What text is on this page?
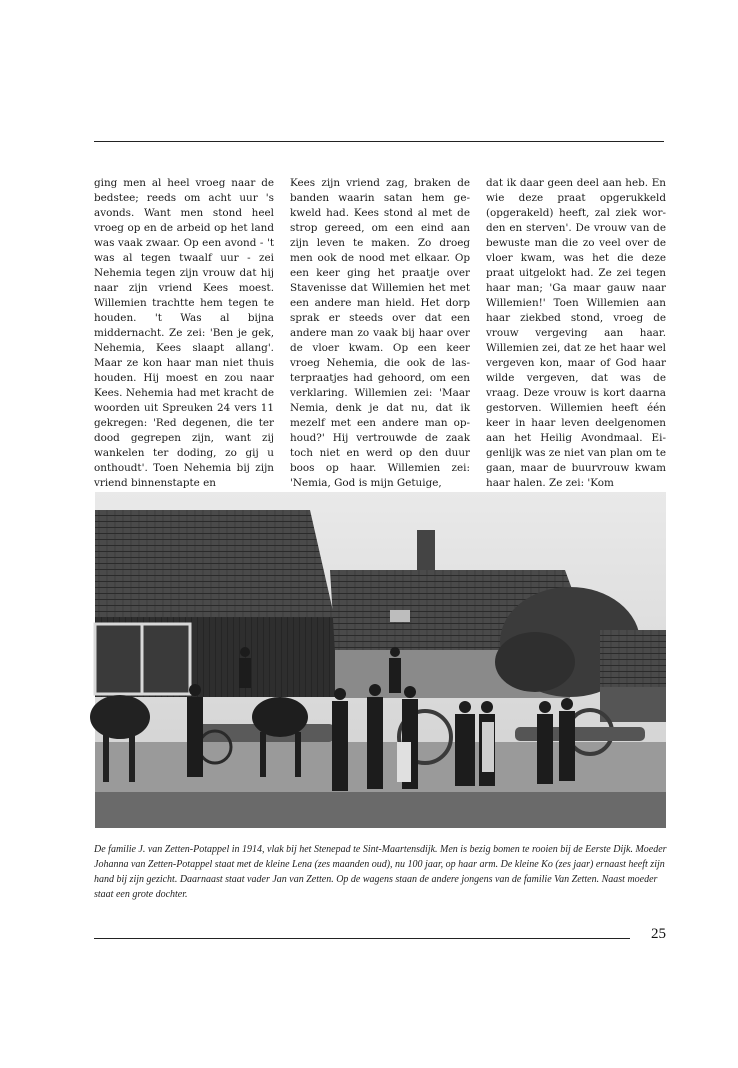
ging men al heel vroeg naar de bedstee; reeds om acht uur 's avonds. Want men stond heel vroeg op en de arbeid op het land was vaak zwaar. Op een avond - 't was al tegen twaalf uur - zei Nehemia tegen zijn vrouw dat hij naar zijn vriend Kees moest. Willemien trachtte hem tegen te houden. 't Was al bijna middernacht. Ze zei: 'Ben je gek, Nehemia, Kees slaapt allang'. Maar ze kon haar man niet thuis houden. Hij moest en zou naar Kees. Nehemia had met kracht de woorden uit Spreuken 24 vers 11 gekregen: 'Red degenen, die ter dood gegrepen zijn, want zij wankelen ter doding, zo gij u onthoudt'. Toen Nehemia bij zijn vriend binnenstapte en

Kees zijn vriend zag, braken de banden waarin satan hem gekweld had. Kees stond al met de strop gereed, om een eind aan zijn leven te maken. Zo droeg men ook de nood met elkaar. Op een keer ging het praatje over Stavenisse dat Willemien het met een andere man hield. Het dorp sprak er steeds over dat een andere man zo vaak bij haar over de vloer kwam. Op een keer vroeg Nehemia, die ook de lasterpraatjes had gehoord, om een verklaring. Willemien zei: 'Maar Nemia, denk je dat nu, dat ik mezelf met een andere man ophoud?' Hij vertrouwde de zaak toch niet en werd op den duur boos op haar. Willemien zei: 'Nemia, God is mijn Getuige,

dat ik daar geen deel aan heb. En wie deze praat opgerukkeld (opgerakeld) heeft, zal ziek worden en sterven'. De vrouw van de bewuste man die zo veel over de vloer kwam, was het die deze praat uitgelokt had. Ze zei tegen haar man; 'Ga maar gauw naar Willemien!' Toen Willemien aan haar ziekbed stond, vroeg de vrouw vergeving aan haar. Willemien zei, dat ze het haar wel vergeven kon, maar of God haar wilde vergeven, dat was de vraag. Deze vrouw is kort daarna gestorven. Willemien heeft één keer in haar leven deelgenomen aan het Heilig Avondmaal. Eigenlijk was ze niet van plan om te gaan, maar de buurvrouw kwam haar halen. Ze zei: 'Kom

De familie J. van Zetten-Potappel in 1914, vlak bij het Stenepad te Sint-Maartensdijk. Men is bezig bomen te rooien bij de Eerste Dijk. Moeder Johanna van Zetten-Potappel staat met de kleine Lena (zes maanden oud), nu 100 jaar, op haar arm. De kleine Ko (zes jaar) ernaast heeft zijn hand bij zijn gezicht. Daarnaast staat vader Jan van Zetten. Op de wagens staan de andere jongens van de familie Van Zetten. Naast moeder staat een grote dochter.

25
